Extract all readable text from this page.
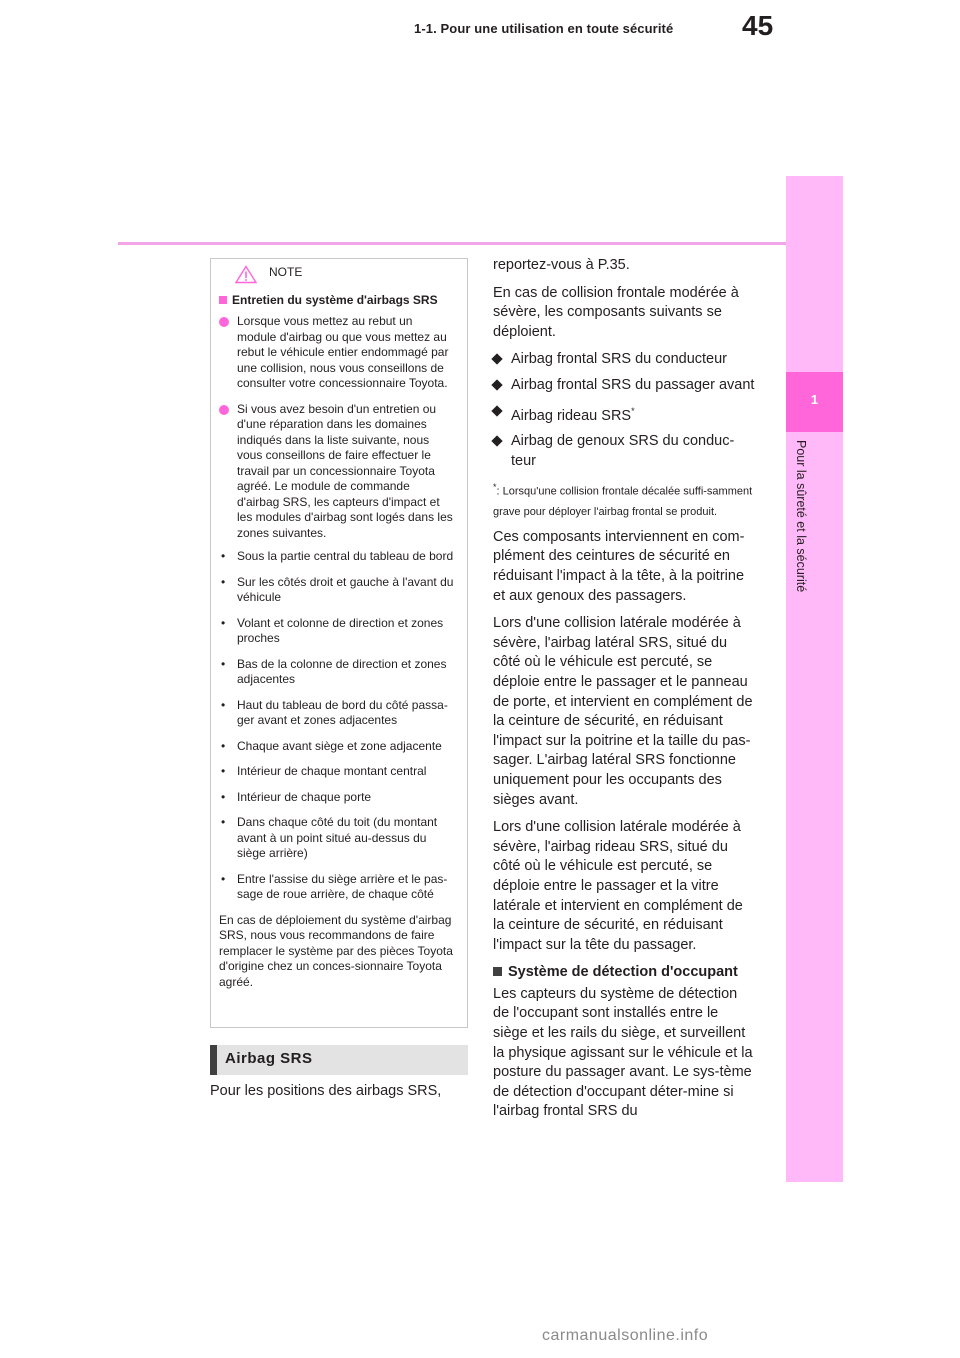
1-1. Pour une utilisation en toute sécurité 45
1
Pour la sûreté et la sécurité
NOTE
Entretien du système d'airbags SRS
Lorsque vous mettez au rebut un module d'airbag ou que vous mettez au rebut le véhicule entier endommagé par une collision, nous vous conseillons de consulter votre concessionnaire Toyota.
Si vous avez besoin d'un entretien ou d'une réparation dans les domaines indiqués dans la liste suivante, nous vous conseillons de faire effectuer le travail par un concessionnaire Toyota agréé. Le module de commande d'airbag SRS, les capteurs d'impact et les modules d'airbag sont logés dans les zones suivantes.
• Sous la partie central du tableau de bord
• Sur les côtés droit et gauche à l'avant du véhicule
• Volant et colonne de direction et zones proches
• Bas de la colonne de direction et zones adjacentes
• Haut du tableau de bord du côté passa-ger avant et zones adjacentes
• Chaque avant siège et zone adjacente
• Intérieur de chaque montant central
• Intérieur de chaque porte
• Dans chaque côté du toit (du montant avant à un point situé au-dessus du siège arrière)
• Entre l'assise du siège arrière et le pas-sage de roue arrière, de chaque côté
En cas de déploiement du système d'airbag SRS, nous vous recommandons de faire remplacer le système par des pièces Toyota d'origine chez un conces-sionnaire Toyota agréé.
Airbag SRS
Pour les positions des airbags SRS,

reportez-vous à P.35.

En cas de collision frontale modérée à sévère, les composants suivants se déploient.

Airbag frontal SRS du conducteur
Airbag frontal SRS du passager avant
Airbag rideau SRS*
Airbag de genoux SRS du conduc-teur
*: Lorsqu'une collision frontale décalée suffi-samment grave pour déployer l'airbag frontal se produit.

Ces composants interviennent en com-plément des ceintures de sécurité en réduisant l'impact à la tête, à la poitrine et aux genoux des passagers.

Lors d'une collision latérale modérée à sévère, l'airbag latéral SRS, situé du côté où le véhicule est percuté, se déploie entre le passager et le panneau de porte, et intervient en complément de la ceinture de sécurité, en réduisant l'impact sur la poitrine et la taille du pas-sager. L'airbag latéral SRS fonctionne uniquement pour les occupants des sièges avant.

Lors d'une collision latérale modérée à sévère, l'airbag rideau SRS, situé du côté où le véhicule est percuté, se déploie entre le passager et la vitre latérale et intervient en complément de la ceinture de sécurité, en réduisant l'impact sur la tête du passager.

Système de détection d'occupant

Les capteurs du système de détection de l'occupant sont installés entre le siège et les rails du siège, et surveillent la physique agissant sur le véhicule et la posture du passager avant. Le sys-tème de détection d'occupant déter-mine si l'airbag frontal SRS du

carmanualsonline.info
